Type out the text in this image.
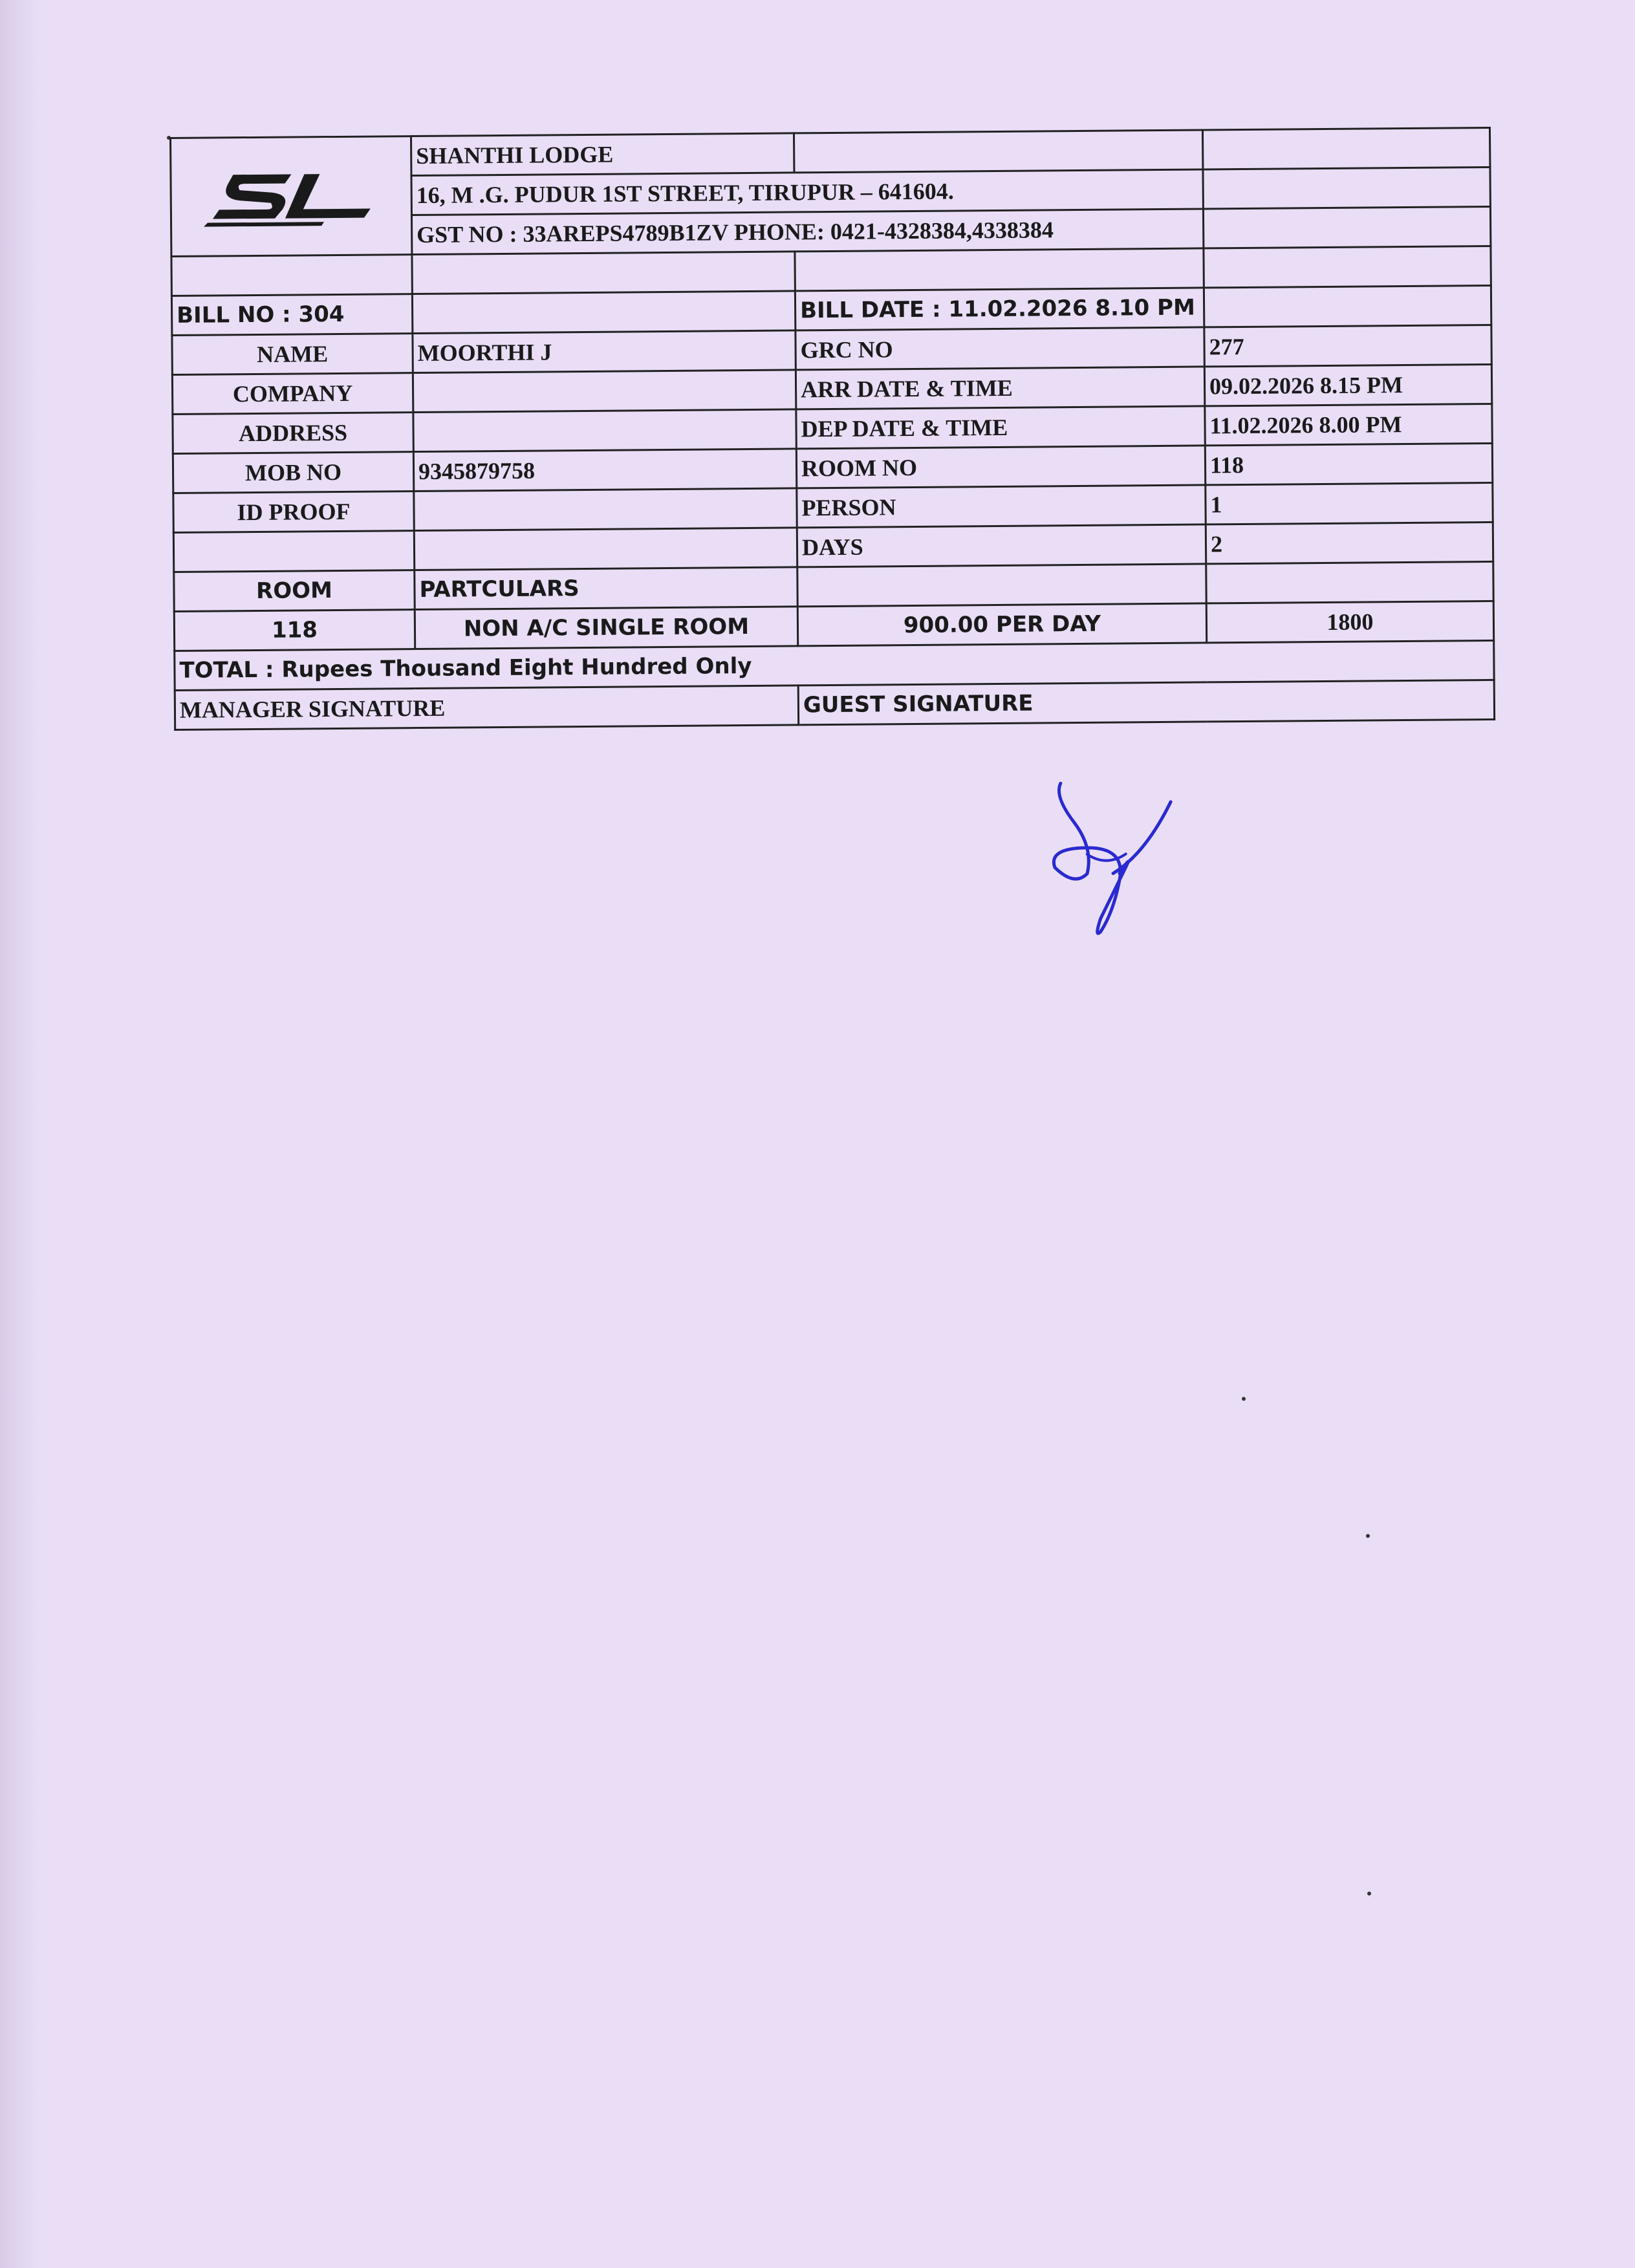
	SHANTHI LODGE		
	16, M .G. PUDUR 1ST STREET, TIRUPUR – 641604.		
	GST NO : 33AREPS4789B1ZV PHONE: 0421-4328384,4338384		

BILL NO : 304		BILL DATE : 11.02.2026 8.10 PM	
NAME	MOORTHI J	GRC NO	277
COMPANY		ARR DATE & TIME	09.02.2026 8.15 PM
ADDRESS		DEP DATE & TIME	11.02.2026 8.00 PM
MOB NO	9345879758	ROOM NO	118
ID PROOF		PERSON	1
		DAYS	2
ROOM	PARTCULARS		
118	NON A/C SINGLE ROOM	900.00 PER DAY	1800
TOTAL : Rupees Thousand Eight Hundred Only			
MANAGER SIGNATURE		GUEST SIGNATURE	
